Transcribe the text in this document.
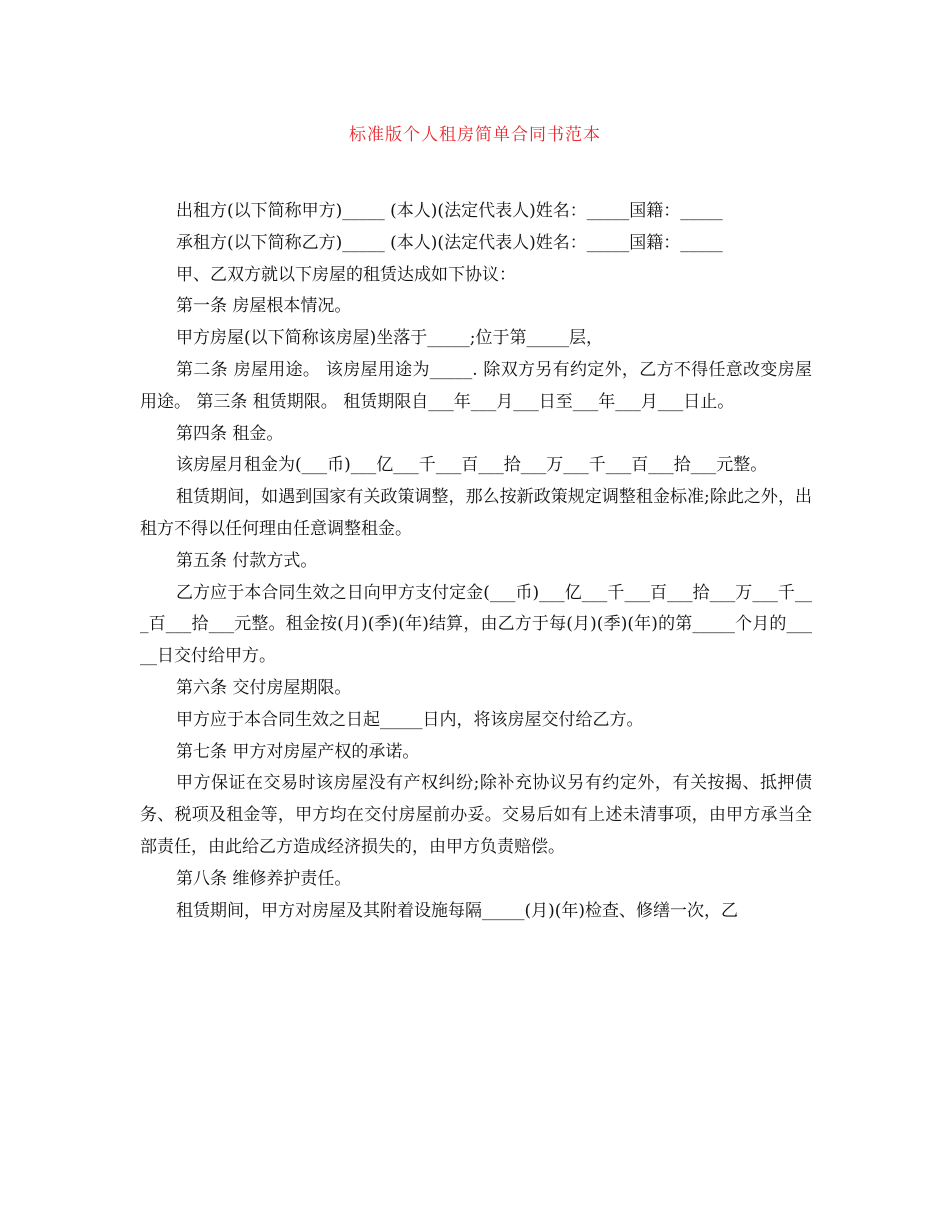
标准版个人租房简单合同书范本

出租方(以下简称甲方)_____ (本人)(法定代表人)姓名：_____国籍：_____

承租方(以下简称乙方)_____ (本人)(法定代表人)姓名：_____国籍：_____

甲、乙双方就以下房屋的租赁达成如下协议：

第一条 房屋根本情况。

甲方房屋(以下简称该房屋)坐落于_____;位于第_____层，

第二条 房屋用途。 该房屋用途为_____. 除双方另有约定外，乙方不得任意改变房屋用途。 第三条 租赁期限。 租赁期限自___年___月___日至___年___月___日止。

第四条 租金。

该房屋月租金为(___币)___亿___千___百___拾___万___千___百___拾___元整。

租赁期间，如遇到国家有关政策调整，那么按新政策规定调整租金标准;除此之外，出租方不得以任何理由任意调整租金。

第五条 付款方式。

乙方应于本合同生效之日向甲方支付定金(___币)___亿___千___百___拾___万___千___百___拾___元整。租金按(月)(季)(年)结算，由乙方于每(月)(季)(年)的第_____个月的_____日交付给甲方。

第六条 交付房屋期限。

甲方应于本合同生效之日起_____日内，将该房屋交付给乙方。

第七条 甲方对房屋产权的承诺。

甲方保证在交易时该房屋没有产权纠纷;除补充协议另有约定外，有关按揭、抵押债务、税项及租金等，甲方均在交付房屋前办妥。交易后如有上述未清事项，由甲方承当全部责任，由此给乙方造成经济损失的，由甲方负责赔偿。

第八条 维修养护责任。

租赁期间，甲方对房屋及其附着设施每隔_____(月)(年)检查、修缮一次，乙
